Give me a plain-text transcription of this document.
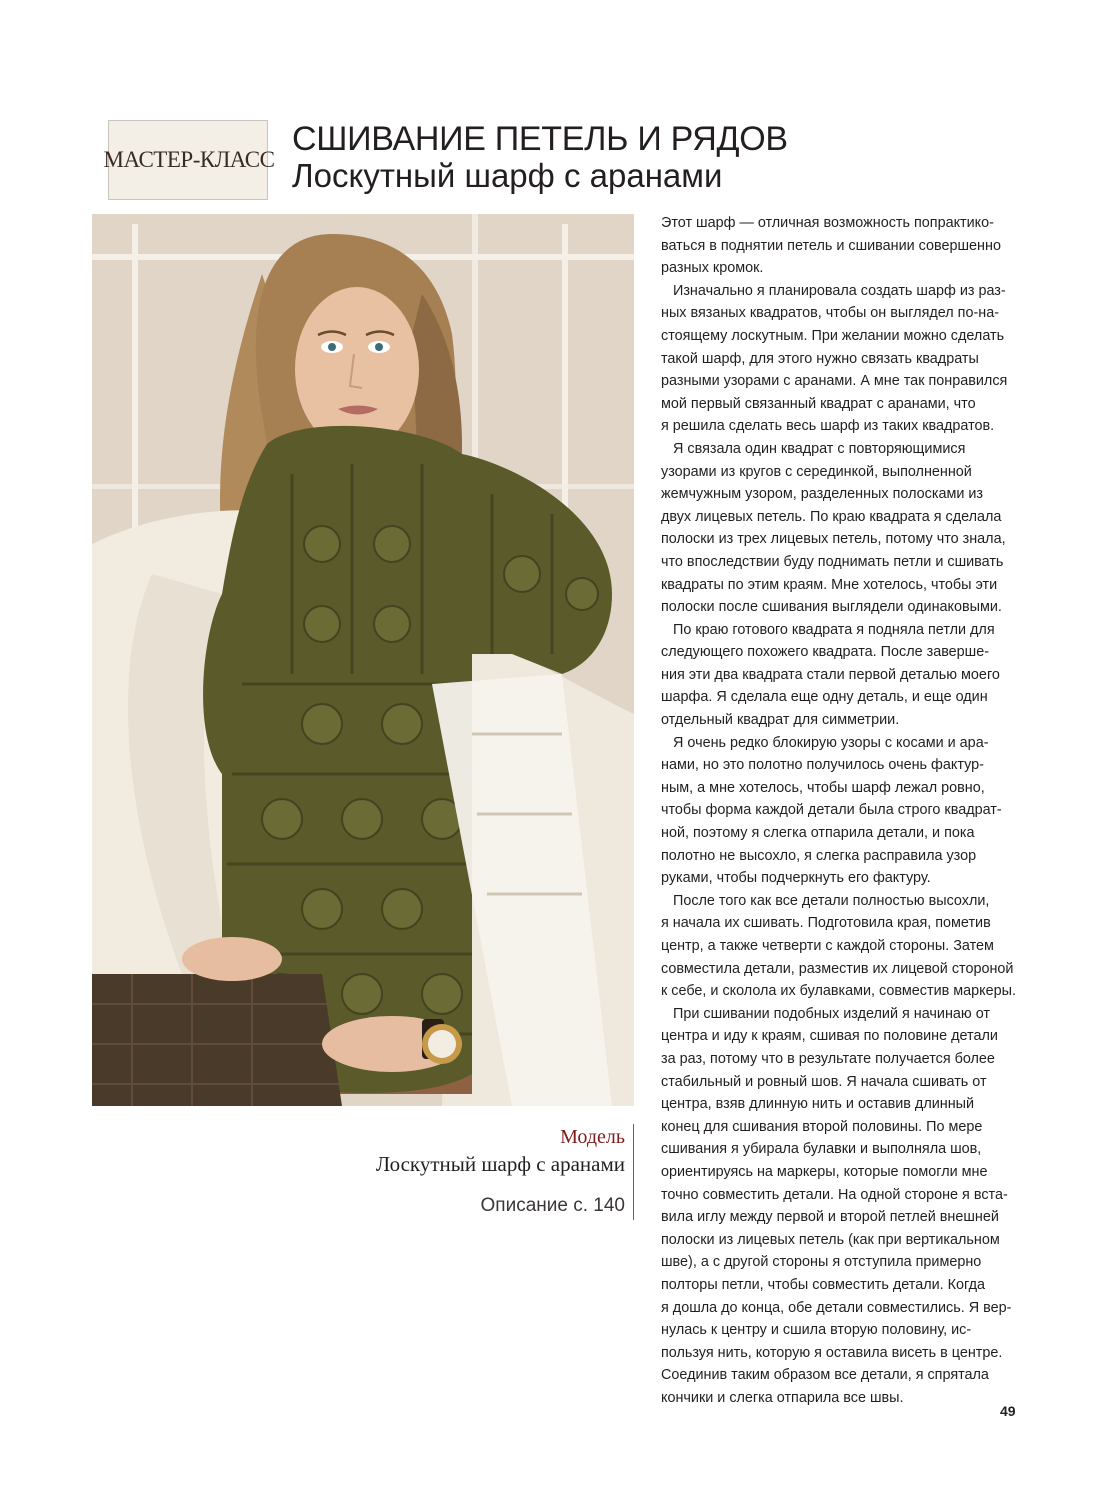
МАСТЕР-КЛАСС
СШИВАНИЕ ПЕТЕЛЬ И РЯДОВ
Лоскутный шарф с аранами
Модель
Лоскутный шарф с аранами
Описание с. 140
Этот шарф — отличная возможность попрактико-
ваться в поднятии петель и сшивании совершенно
разных кромок.
Изначально я планировала создать шарф из раз-
ных вязаных квадратов, чтобы он выглядел по-на-
стоящему лоскутным. При желании можно сделать
такой шарф, для этого нужно связать квадраты
разными узорами с аранами. А мне так понравился
мой первый связанный квадрат с аранами, что
я решила сделать весь шарф из таких квадратов.
Я связала один квадрат с повторяющимися
узорами из кругов с серединкой, выполненной
жемчужным узором, разделенных полосками из
двух лицевых петель. По краю квадрата я сделала
полоски из трех лицевых петель, потому что знала,
что впоследствии буду поднимать петли и сшивать
квадраты по этим краям. Мне хотелось, чтобы эти
полоски после сшивания выглядели одинаковыми.
По краю готового квадрата я подняла петли для
следующего похожего квадрата. После заверше-
ния эти два квадрата стали первой деталью моего
шарфа. Я сделала еще одну деталь, и еще один
отдельный квадрат для симметрии.
Я очень редко блокирую узоры с косами и ара-
нами, но это полотно получилось очень фактур-
ным, а мне хотелось, чтобы шарф лежал ровно,
чтобы форма каждой детали была строго квадрат-
ной, поэтому я слегка отпарила детали, и пока
полотно не высохло, я слегка расправила узор
руками, чтобы подчеркнуть его фактуру.
После того как все детали полностью высохли,
я начала их сшивать. Подготовила края, пометив
центр, а также четверти с каждой стороны. Затем
совместила детали, разместив их лицевой стороной
к себе, и сколола их булавками, совместив маркеры.
При сшивании подобных изделий я начинаю от
центра и иду к краям, сшивая по половине детали
за раз, потому что в результате получается более
стабильный и ровный шов. Я начала сшивать от
центра, взяв длинную нить и оставив длинный
конец для сшивания второй половины. По мере
сшивания я убирала булавки и выполняла шов,
ориентируясь на маркеры, которые помогли мне
точно совместить детали. На одной стороне я вста-
вила иглу между первой и второй петлей внешней
полоски из лицевых петель (как при вертикальном
шве), а с другой стороны я отступила примерно
полторы петли, чтобы совместить детали. Когда
я дошла до конца, обе детали совместились. Я вер-
нулась к центру и сшила вторую половину, ис-
пользуя нить, которую я оставила висеть в центре.
Соединив таким образом все детали, я спрятала
кончики и слегка отпарила все швы.
49
